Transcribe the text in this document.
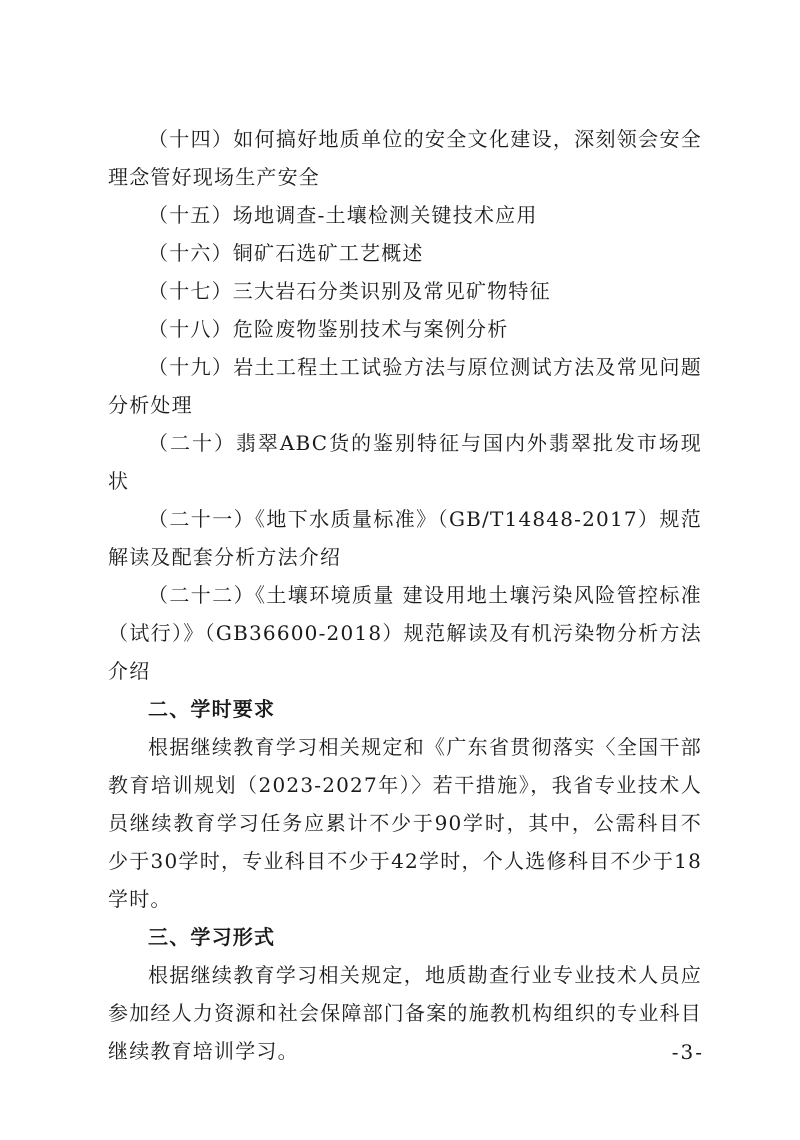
（十四）如何搞好地质单位的安全文化建设，深刻领会安全理念管好现场生产安全

（十五）场地调查-土壤检测关键技术应用

（十六）铜矿石选矿工艺概述

（十七）三大岩石分类识别及常见矿物特征

（十八）危险废物鉴别技术与案例分析

（十九）岩土工程土工试验方法与原位测试方法及常见问题分析处理

（二十）翡翠ABC货的鉴别特征与国内外翡翠批发市场现状

（二十一）《地下水质量标准》（GB/T14848-2017）规范解读及配套分析方法介绍

（二十二）《土壤环境质量 建设用地土壤污染风险管控标准（试行）》（GB36600-2018）规范解读及有机污染物分析方法介绍

二、学时要求

根据继续教育学习相关规定和《广东省贯彻落实〈全国干部教育培训规划（2023-2027年）〉若干措施》，我省专业技术人员继续教育学习任务应累计不少于90学时，其中，公需科目不少于30学时，专业科目不少于42学时，个人选修科目不少于18学时。

三、学习形式

根据继续教育学习相关规定，地质勘查行业专业技术人员应参加经人力资源和社会保障部门备案的施教机构组织的专业科目继续教育培训学习。	-3-
